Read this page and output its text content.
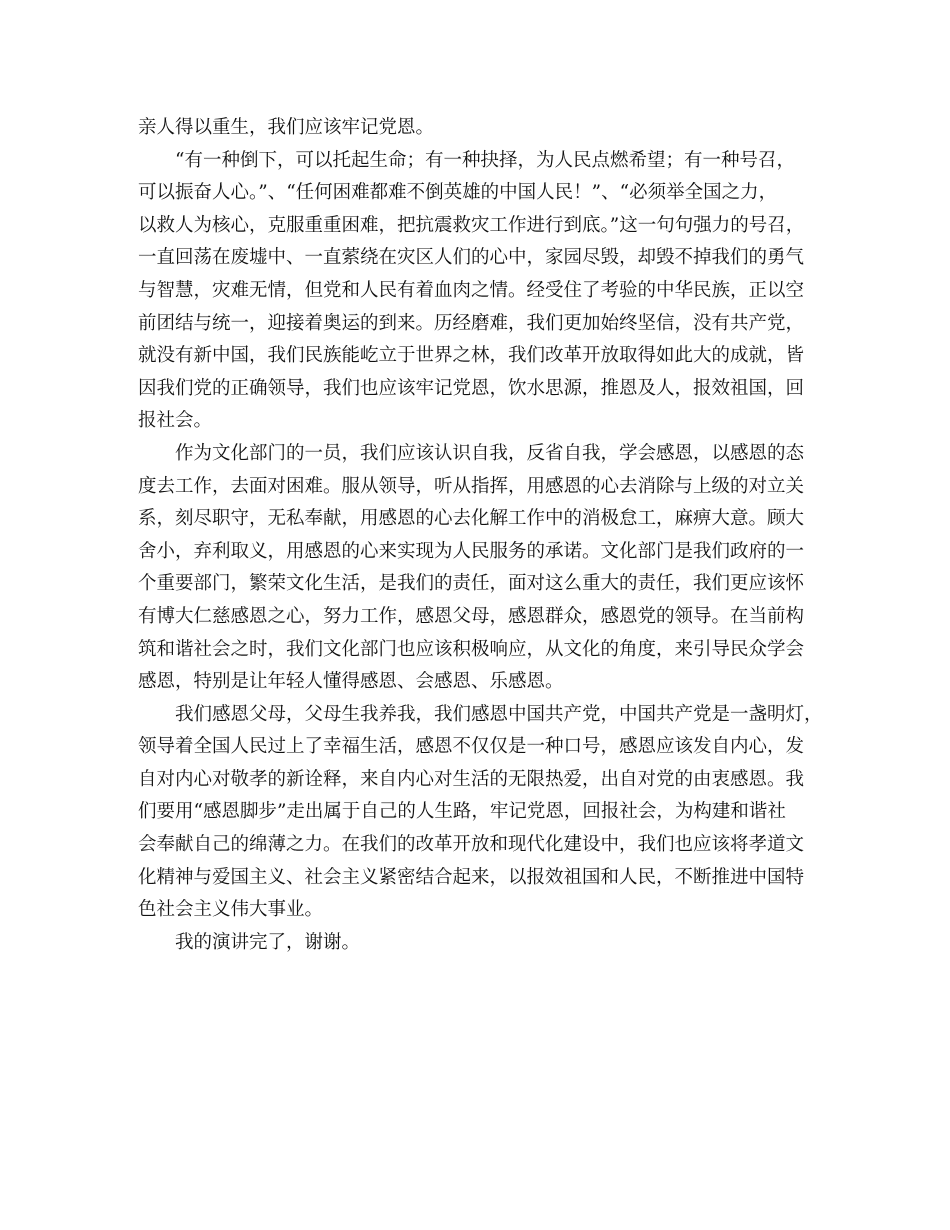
亲人得以重生，我们应该牢记党恩。

“有一种倒下，可以托起生命；有一种抉择，为人民点燃希望；有一种号召，
可以振奋人心。”、“任何困难都难不倒英雄的中国人民！”、“必须举全国之力，
以救人为核心，克服重重困难，把抗震救灾工作进行到底。”这一句句强力的号召，
一直回荡在废墟中、一直萦绕在灾区人们的心中，家园尽毁，却毁不掉我们的勇气
与智慧，灾难无情，但党和人民有着血肉之情。经受住了考验的中华民族，正以空
前团结与统一，迎接着奥运的到来。历经磨难，我们更加始终坚信，没有共产党，
就没有新中国，我们民族能屹立于世界之林，我们改革开放取得如此大的成就，皆
因我们党的正确领导，我们也应该牢记党恩，饮水思源，推恩及人，报效祖国，回
报社会。

作为文化部门的一员，我们应该认识自我，反省自我，学会感恩，以感恩的态
度去工作，去面对困难。服从领导，听从指挥，用感恩的心去消除与上级的对立关
系，刻尽职守，无私奉献，用感恩的心去化解工作中的消极怠工，麻痹大意。顾大
舍小，弃利取义，用感恩的心来实现为人民服务的承诺。文化部门是我们政府的一
个重要部门，繁荣文化生活，是我们的责任，面对这么重大的责任，我们更应该怀
有博大仁慈感恩之心，努力工作，感恩父母，感恩群众，感恩党的领导。在当前构
筑和谐社会之时，我们文化部门也应该积极响应，从文化的角度，来引导民众学会
感恩，特别是让年轻人懂得感恩、会感恩、乐感恩。

我们感恩父母，父母生我养我，我们感恩中国共产党，中国共产党是一盏明灯，
领导着全国人民过上了幸福生活，感恩不仅仅是一种口号，感恩应该发自内心，发
自对内心对敬孝的新诠释，来自内心对生活的无限热爱，出自对党的由衷感恩。我
们要用“感恩脚步”走出属于自己的人生路，牢记党恩，回报社会，为构建和谐社
会奉献自己的绵薄之力。在我们的改革开放和现代化建设中，我们也应该将孝道文
化精神与爱国主义、社会主义紧密结合起来，以报效祖国和人民，不断推进中国特
色社会主义伟大事业。

我的演讲完了，谢谢。
